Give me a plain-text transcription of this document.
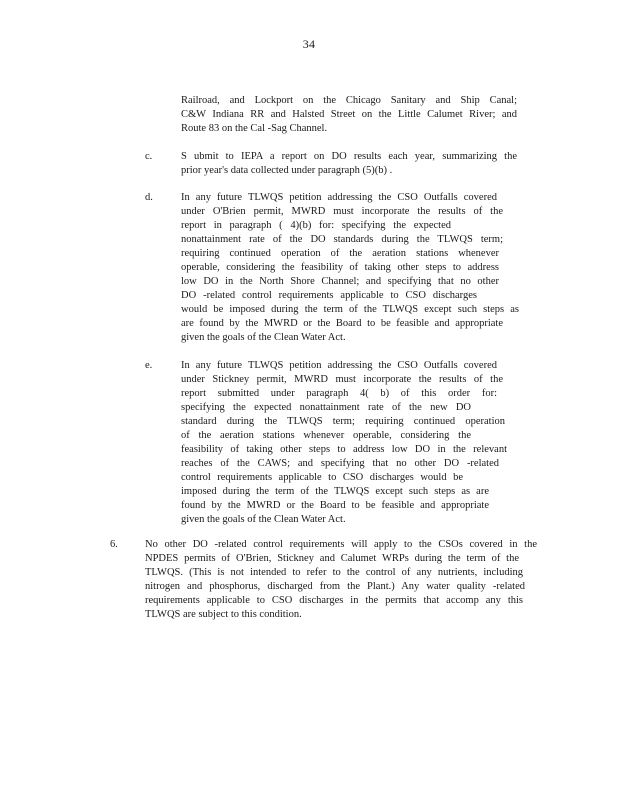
34
Railroad, and Lockport on the Chicago Sanitary and Ship Canal;
C&W Indiana RR and Halsted Street on the Little Calumet River; and
Route 83 on the Cal -Sag Channel.
c.	S ubmit to IEPA a report on DO results each year, summarizing the
prior year's data collected under paragraph (5)(b) .
d.	In any future TLWQS petition addressing the CSO Outfalls covered
under O'Brien permit, MWRD must incorporate the results of the
report in paragraph ( 4)(b) for: specifying the expected
nonattainment rate of the DO standards during the TLWQS term;
requiring continued operation of the aeration stations whenever
operable, considering the feasibility of taking other steps to address
low DO in the North Shore Channel; and specifying that no other
DO -related control requirements applicable to CSO discharges
would be imposed during the term of the TLWQS except such steps as
are found by the MWRD or the Board to be feasible and appropriate
given the goals of the Clean Water Act.
e.	In any future TLWQS petition addressing the CSO Outfalls covered
under Stickney permit, MWRD must incorporate the results of the
report submitted under paragraph 4( b) of this order for:
specifying the expected nonattainment rate of the new DO
standard during the TLWQS term; requiring continued operation
of the aeration stations whenever operable, considering the
feasibility of taking other steps to address low DO in the relevant
reaches of the CAWS; and specifying that no other DO -related
control requirements applicable to CSO discharges would be
imposed during the term of the TLWQS except such steps as are
found by the MWRD or the Board to be feasible and appropriate
given the goals of the Clean Water Act.
6.	No other DO -related control requirements will apply to the CSOs covered in the
NPDES permits of O'Brien, Stickney and Calumet WRPs during the term of the
TLWQS. (This is not intended to refer to the control of any nutrients, including
nitrogen and phosphorus, discharged from the Plant.) Any water quality -related
requirements applicable to CSO discharges in the permits that accomp any this
TLWQS are subject to this condition.
